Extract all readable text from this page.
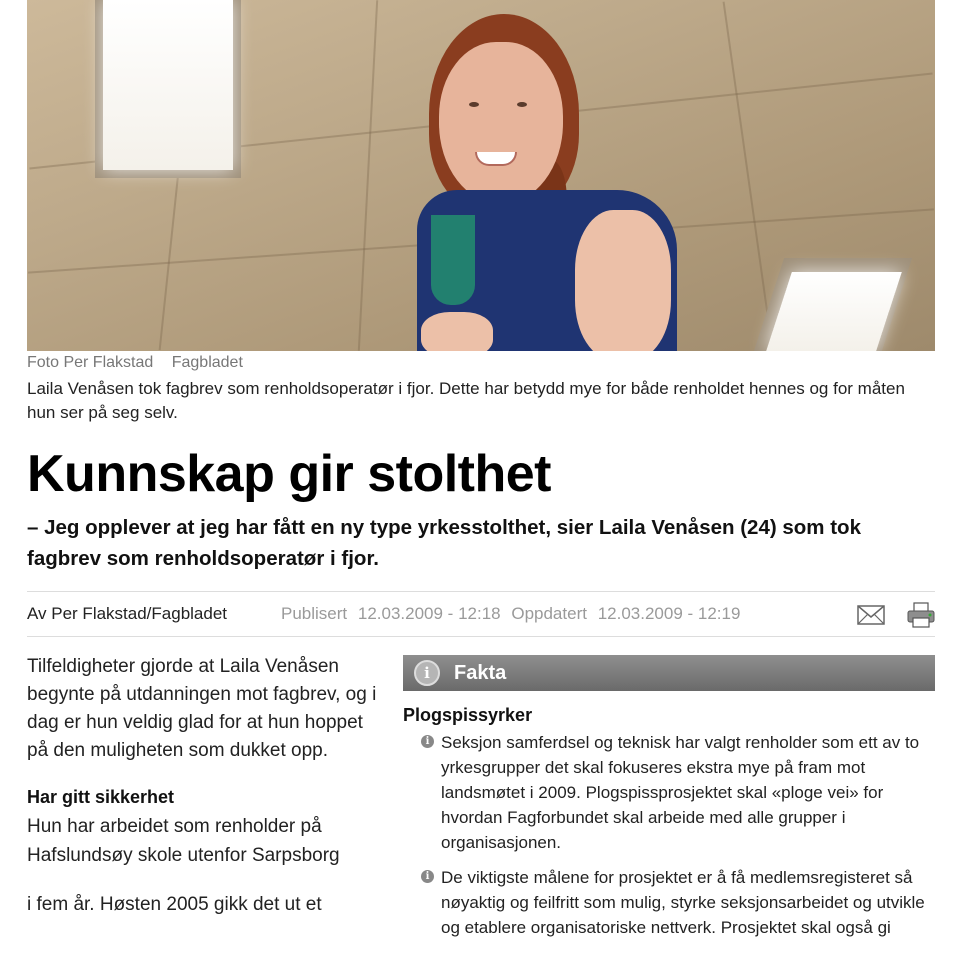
Foto Per Flakstad Fagbladet
Laila Venåsen tok fagbrev som renholdsoperatør i fjor. Dette har betydd mye for både renholdet hennes og for måten hun ser på seg selv.
Kunnskap gir stolthet
– Jeg opplever at jeg har fått en ny type yrkesstolthet, sier Laila Venåsen (24) som tok fagbrev som renholdsoperatør i fjor.
Av Per Flakstad/Fagbladet	Publisert 12.03.2009 - 12:18 Oppdatert 12.03.2009 - 12:19

Tilfeldigheter gjorde at Laila Venåsen begynte på utdanningen mot fagbrev, og i dag er hun veldig glad for at hun hoppet på den muligheten som dukket opp.

Har gitt sikkerhet

Hun har arbeidet som renholder på Hafslundsøy skole utenfor Sarpsborg

i fem år. Høsten 2005 gikk det ut et

i	Fakta
Plogspissyrker
i Seksjon samferdsel og teknisk har valgt renholder som ett av to yrkesgrupper det skal fokuseres ekstra mye på fram mot landsmøtet i 2009. Plogspissprosjektet skal «ploge vei» for hvordan Fagforbundet skal arbeide med alle grupper i organisasjonen.
i De viktigste målene for prosjektet er å få medlemsregisteret så nøyaktig og feilfritt som mulig, styrke seksjonsarbeidet og utvikle og etablere organisatoriske nettverk. Prosjektet skal også gi
